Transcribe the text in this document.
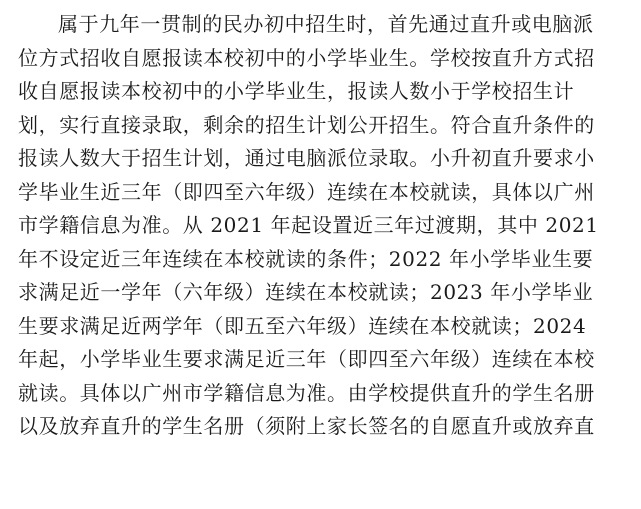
属于九年一贯制的民办初中招生时，首先通过直升或电脑派
位方式招收自愿报读本校初中的小学毕业生。学校按直升方式招
收自愿报读本校初中的小学毕业生，报读人数小于学校招生计
划，实行直接录取，剩余的招生计划公开招生。符合直升条件的
报读人数大于招生计划，通过电脑派位录取。小升初直升要求小
学毕业生近三年（即四至六年级）连续在本校就读，具体以广州
市学籍信息为准。从 2021 年起设置近三年过渡期，其中 2021
年不设定近三年连续在本校就读的条件；2022 年小学毕业生要
求满足近一学年（六年级）连续在本校就读；2023 年小学毕业
生要求满足近两学年（即五至六年级）连续在本校就读；2024
年起，小学毕业生要求满足近三年（即四至六年级）连续在本校
就读。具体以广州市学籍信息为准。由学校提供直升的学生名册
以及放弃直升的学生名册（须附上家长签名的自愿直升或放弃直
